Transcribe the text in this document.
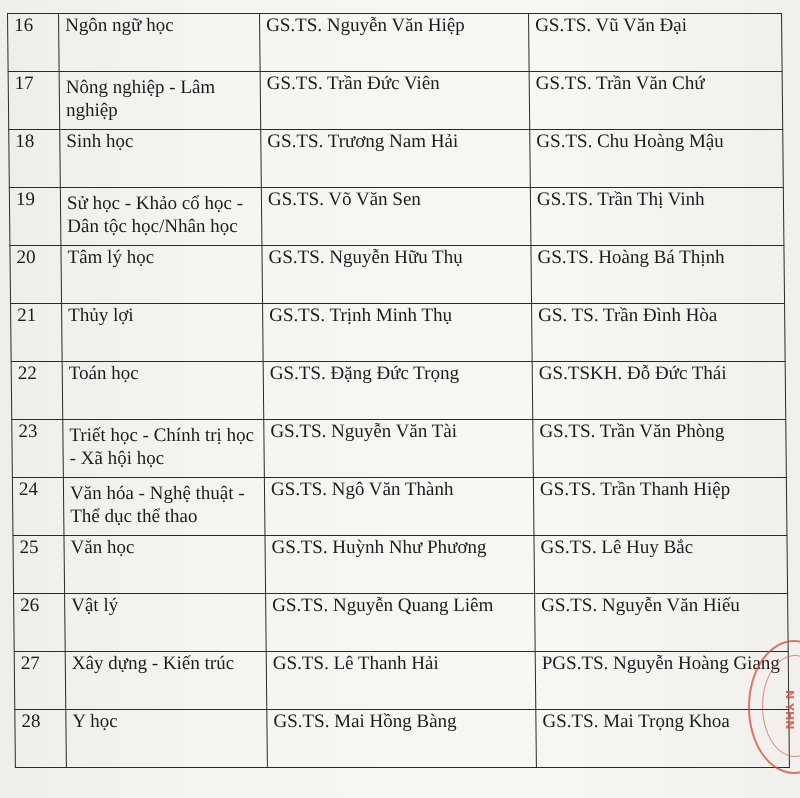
16	Ngôn ngữ học	GS.TS. Nguyễn Văn Hiệp	GS.TS. Vũ Văn Đại
17	Nông nghiệp - Lâm nghiệp	GS.TS. Trần Đức Viên	GS.TS. Trần Văn Chứ
18	Sinh học	GS.TS. Trương Nam Hải	GS.TS. Chu Hoàng Mậu
19	Sử học - Khảo cổ học - Dân tộc học/Nhân học	GS.TS. Võ Văn Sen	GS.TS. Trần Thị Vinh
20	Tâm lý học	GS.TS. Nguyễn Hữu Thụ	GS.TS. Hoàng Bá Thịnh
21	Thủy lợi	GS.TS. Trịnh Minh Thụ	GS. TS. Trần Đình Hòa
22	Toán học	GS.TS. Đặng Đức Trọng	GS.TSKH. Đỗ Đức Thái
23	Triết học - Chính trị học - Xã hội học	GS.TS. Nguyễn Văn Tài	GS.TS. Trần Văn Phòng
24	Văn hóa - Nghệ thuật - Thể dục thể thao	GS.TS. Ngô Văn Thành	GS.TS. Trần Thanh Hiệp
25	Văn học	GS.TS. Huỳnh Như Phương	GS.TS. Lê Huy Bắc
26	Vật lý	GS.TS. Nguyễn Quang Liêm	GS.TS. Nguyễn Văn Hiếu
27	Xây dựng - Kiến trúc	GS.TS. Lê Thanh Hải	PGS.TS. Nguyễn Hoàng Giang
28	Y học	GS.TS. Mai Hồng Bàng	GS.TS. Mai Trọng Khoa	N YHN
